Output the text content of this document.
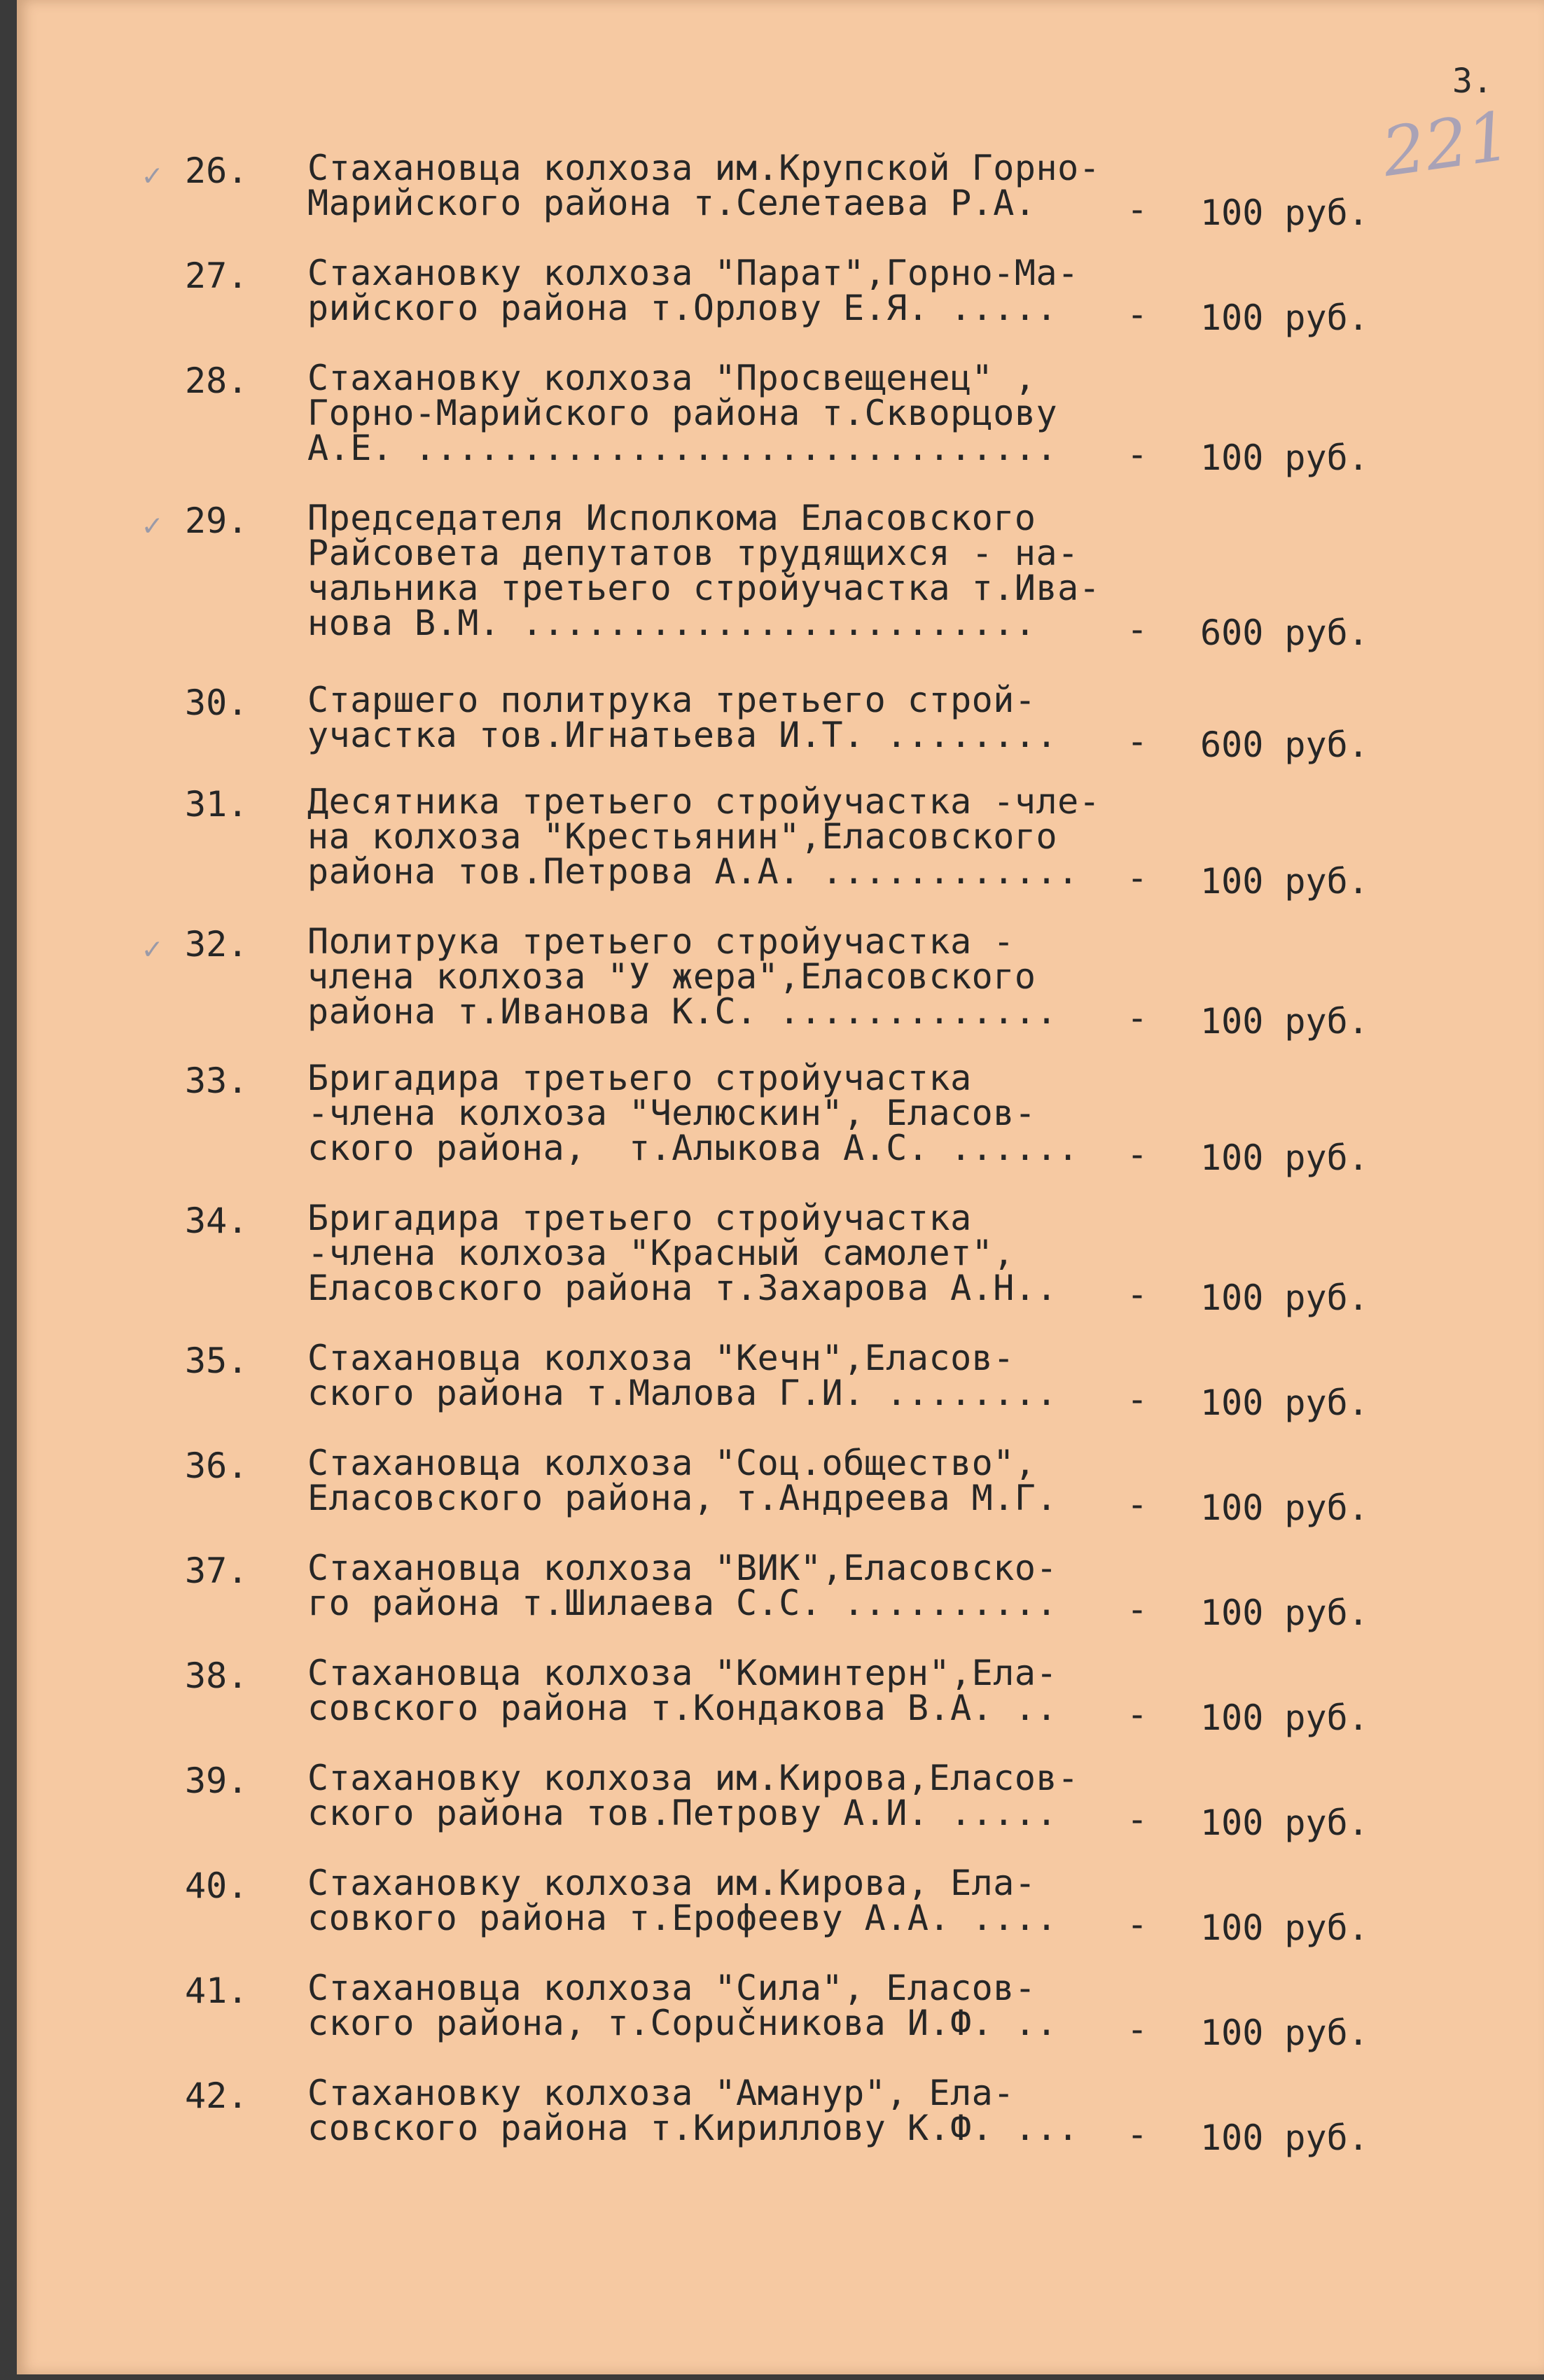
3.
221
✓ 26. Стахановца колхоза им.Крупской Горно-
Марийского района т.Селетаева Р.А.	- 100 руб.
27. Стахановку колхоза "Парат",Горно-Ма-
рийского района т.Орлову Е.Я. .....	- 100 руб.
28. Стахановку колхоза "Просвещенец" ,
Горно-Марийского района т.Скворцову
А.Е. ..............................	- 100 руб.
✓ 29. Председателя Исполкома Еласовского
Райсовета депутатов трудящихся - на-
чальника третьего стройучастка т.Ива-
нова В.М. ........................	- 600 руб.
30. Старшего политрука третьего строй-
участка тов.Игнатьева И.Т. ........	- 600 руб.
31. Десятника третьего стройучастка -чле-
на колхоза "Крестьянин",Еласовского
района тов.Петрова А.А. ............	- 100 руб.
✓ 32. Политрука третьего стройучастка -
члена колхоза "У жера",Еласовского
района т.Иванова К.С. .............	- 100 руб.
33. Бригадира третьего стройучастка
-члена колхоза "Челюскин", Еласов-
ского района,  т.Алыкова А.С. ......	- 100 руб.
34. Бригадира третьего стройучастка
-члена колхоза "Красный самолет",
Еласовского района т.Захарова А.Н..	- 100 руб.
35. Стахановца колхоза "Кечн",Еласов-
ского района т.Малова Г.И. ........	- 100 руб.
36. Стахановца колхоза "Соц.общество",
Еласовского района, т.Андреева М.Г.	- 100 руб.
37. Стахановца колхоза "ВИК",Еласовско-
го района т.Шилаева С.С. ..........	- 100 руб.
38. Стахановца колхоза "Коминтерн",Ела-
совского района т.Кондакова В.А. ..	- 100 руб.
39. Стахановку колхоза им.Кирова,Еласов-
ского района тов.Петрову А.И. .....	- 100 руб.
40. Стахановку колхоза им.Кирова, Ела-
совкого района т.Ерофееву А.А. ....	- 100 руб.
41. Стахановца колхоза "Сила", Еласов-
ского района, т.Сорučникова И.Ф. ..	- 100 руб.
42. Стахановку колхоза "Аманур", Ела-
совского района т.Кириллову К.Ф. ...	- 100 руб.
